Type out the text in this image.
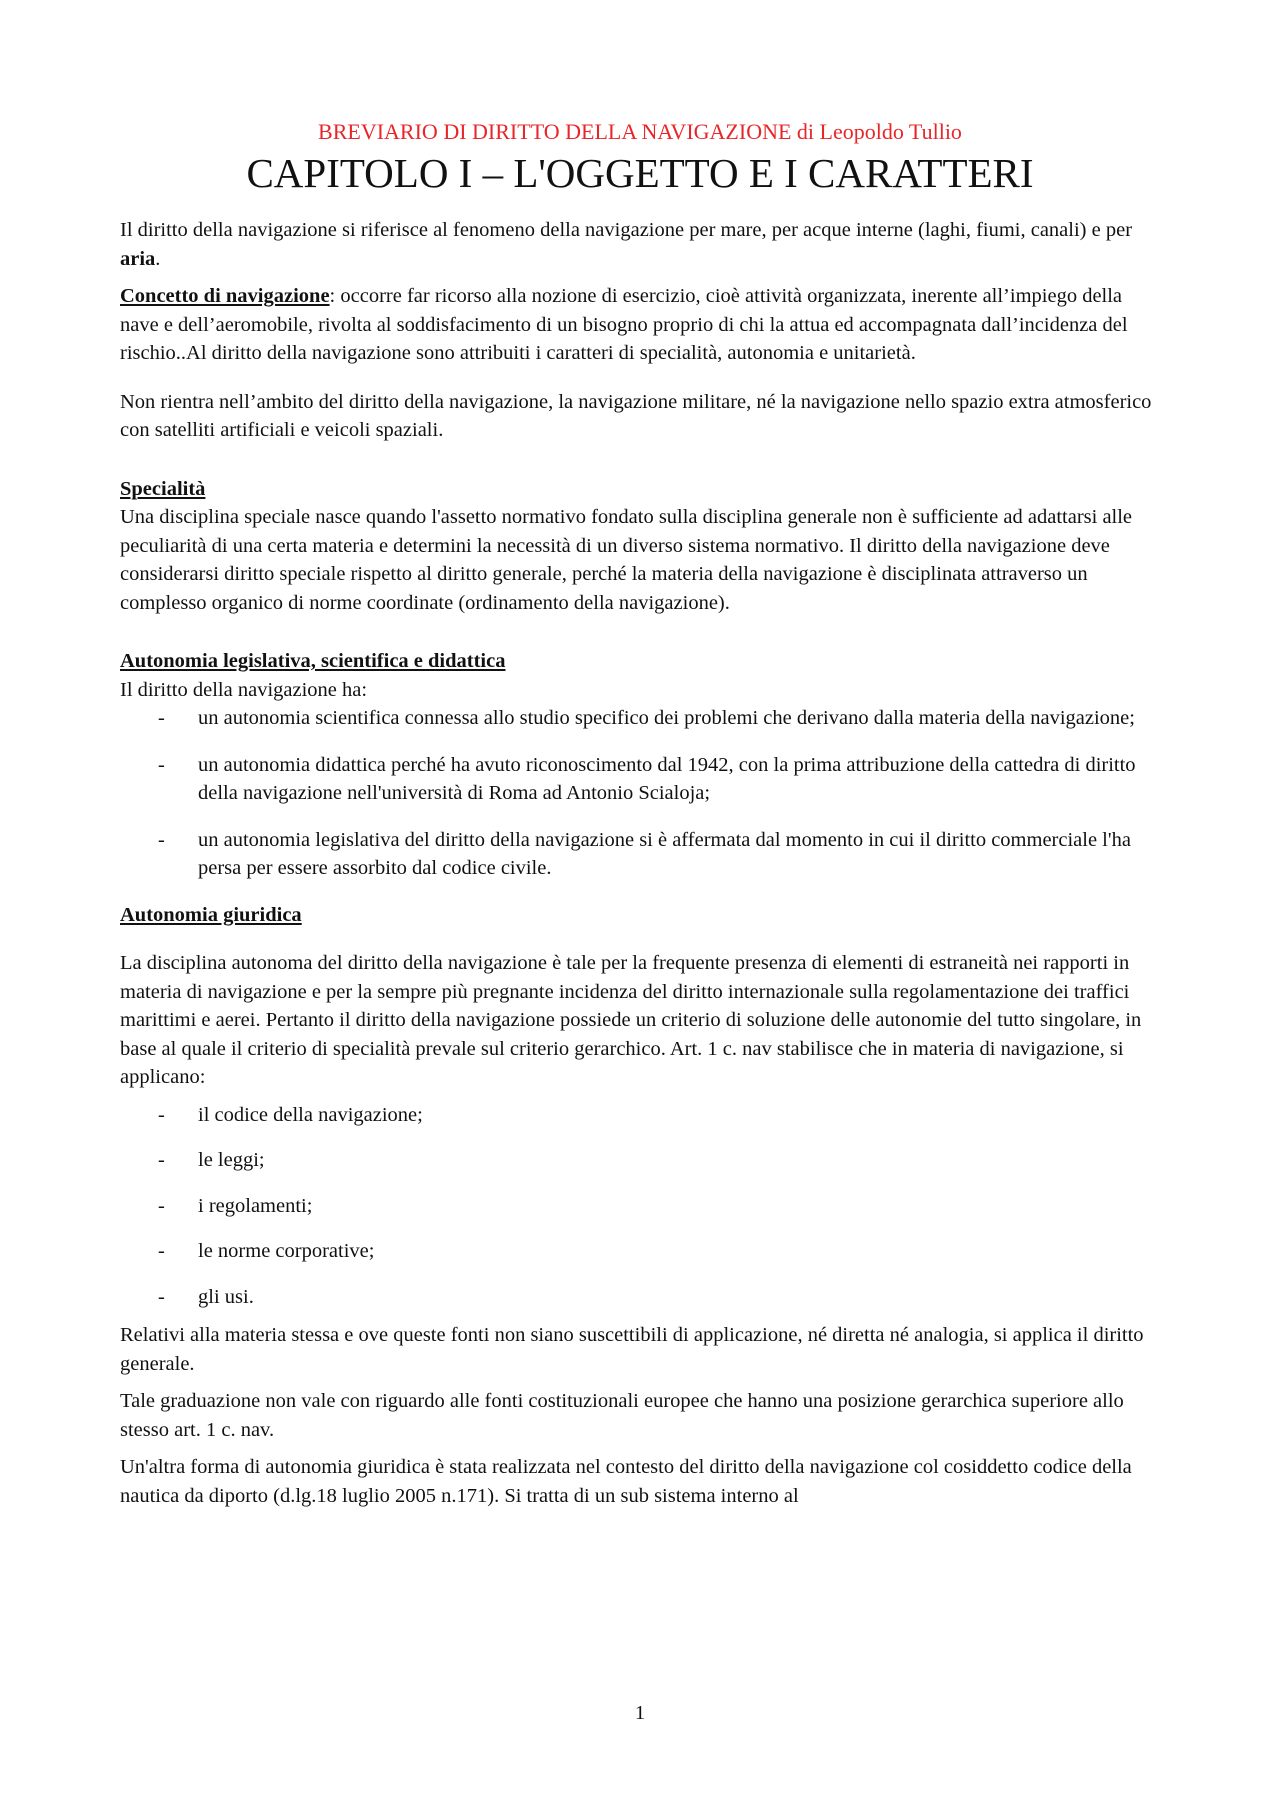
BREVIARIO DI DIRITTO DELLA NAVIGAZIONE di Leopoldo Tullio
CAPITOLO I – L'OGGETTO E I CARATTERI

Il diritto della navigazione si riferisce al fenomeno della navigazione per mare, per acque interne (laghi, fiumi, canali) e per aria.

Concetto di navigazione: occorre far ricorso alla nozione di esercizio, cioè attività organizzata, inerente all’impiego della nave e dell’aeromobile, rivolta al soddisfacimento di un bisogno proprio di chi la attua ed accompagnata dall’incidenza del rischio..Al diritto della navigazione sono attribuiti i caratteri di specialità, autonomia e unitarietà.

Non rientra nell’ambito del diritto della navigazione, la navigazione militare, né la navigazione nello spazio extra atmosferico con satelliti artificiali e veicoli spaziali.

Specialità

Una disciplina speciale nasce quando l'assetto normativo fondato sulla disciplina generale non è sufficiente ad adattarsi alle peculiarità di una certa materia e determini la necessità di un diverso sistema normativo. Il diritto della navigazione deve considerarsi diritto speciale rispetto al diritto generale, perché la materia della navigazione è disciplinata attraverso un complesso organico di norme coordinate (ordinamento della navigazione).

Autonomia legislativa, scientifica e didattica

Il diritto della navigazione ha:

- un autonomia scientifica connessa allo studio specifico dei problemi che derivano dalla materia della navigazione;
- un autonomia didattica perché ha avuto riconoscimento dal 1942, con la prima attribuzione della cattedra di diritto della navigazione nell'università di Roma ad Antonio Scialoja;
- un autonomia legislativa del diritto della navigazione si è affermata dal momento in cui il diritto commerciale l'ha persa per essere assorbito dal codice civile.
Autonomia giuridica

La disciplina autonoma del diritto della navigazione è tale per la frequente presenza di elementi di estraneità nei rapporti in materia di navigazione e per la sempre più pregnante incidenza del diritto internazionale sulla regolamentazione dei traffici marittimi e aerei. Pertanto il diritto della navigazione possiede un criterio di soluzione delle autonomie del tutto singolare, in base al quale il criterio di specialità prevale sul criterio gerarchico. Art. 1 c. nav stabilisce che in materia di navigazione, si applicano:

- il codice della navigazione;
- le leggi;
- i regolamenti;
- le norme corporative;
- gli usi.

Relativi alla materia stessa e ove queste fonti non siano suscettibili di applicazione, né diretta né analogia, si applica il diritto generale.

Tale graduazione non vale con riguardo alle fonti costituzionali europee che hanno una posizione gerarchica superiore allo stesso art. 1 c. nav.

Un'altra forma di autonomia giuridica è stata realizzata nel contesto del diritto della navigazione col cosiddetto codice della nautica da diporto (d.lg.18 luglio 2005 n.171). Si tratta di un sub sistema interno al

1
